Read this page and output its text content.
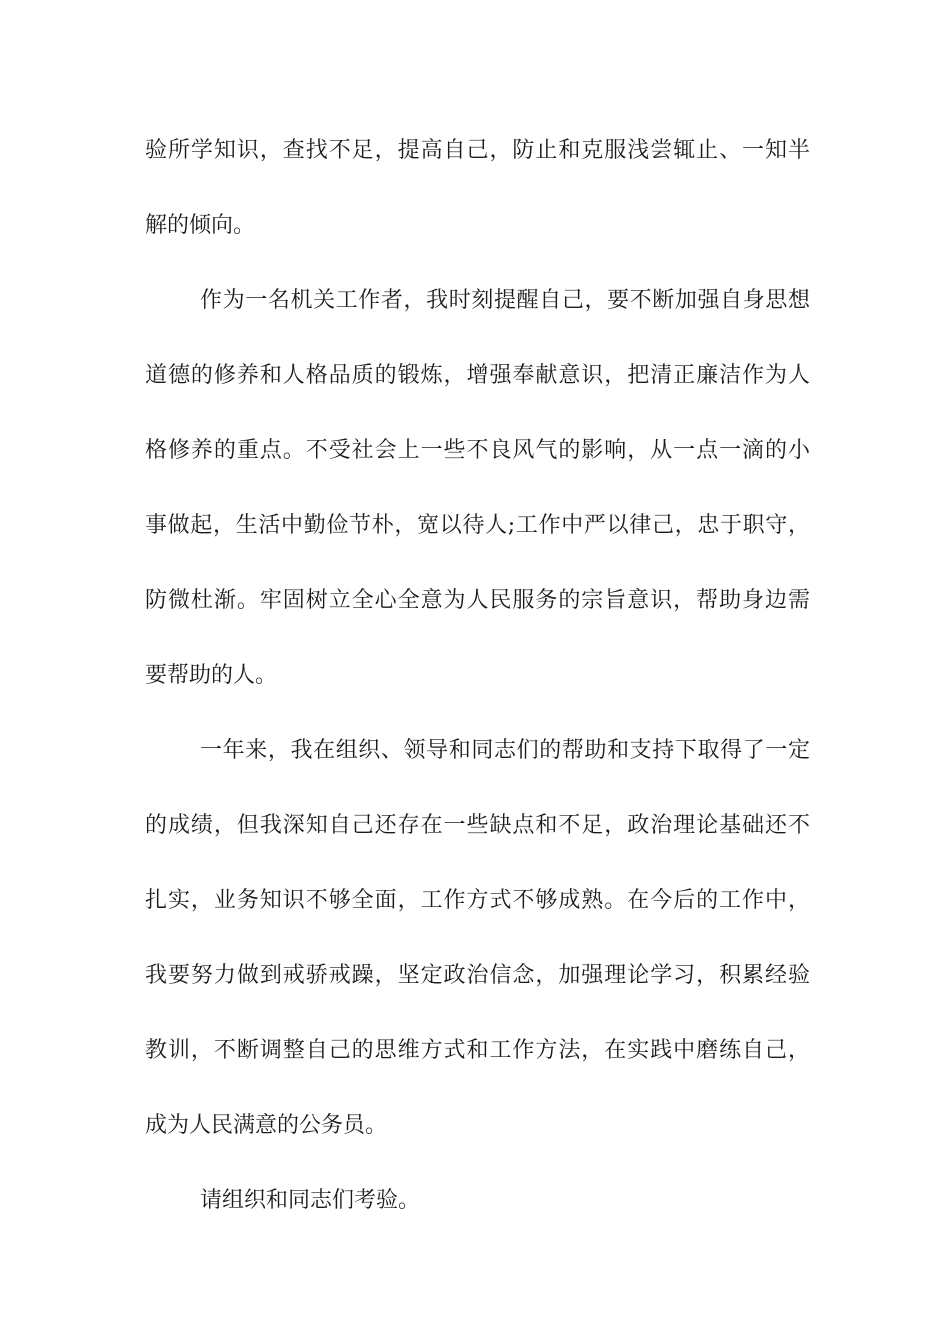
验所学知识，查找不足，提高自己，防止和克服浅尝辄止、一知半
解的倾向。
作为一名机关工作者，我时刻提醒自己，要不断加强自身思想
道德的修养和人格品质的锻炼，增强奉献意识，把清正廉洁作为人
格修养的重点。不受社会上一些不良风气的影响，从一点一滴的小
事做起，生活中勤俭节朴，宽以待人;工作中严以律己，忠于职守，
防微杜渐。牢固树立全心全意为人民服务的宗旨意识，帮助身边需
要帮助的人。
一年来，我在组织、领导和同志们的帮助和支持下取得了一定
的成绩，但我深知自己还存在一些缺点和不足，政治理论基础还不
扎实，业务知识不够全面，工作方式不够成熟。在今后的工作中，
我要努力做到戒骄戒躁，坚定政治信念，加强理论学习，积累经验
教训，不断调整自己的思维方式和工作方法，在实践中磨练自己，
成为人民满意的公务员。
请组织和同志们考验。
